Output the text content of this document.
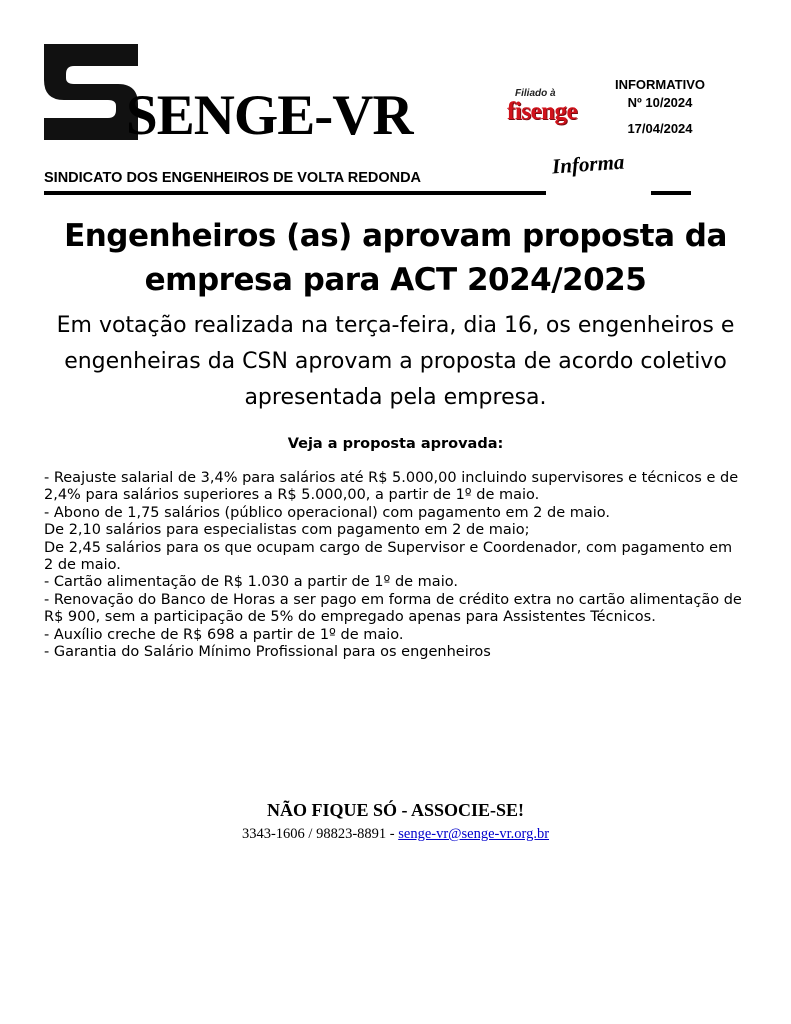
SENGE-VR	Filiado à
fisenge
INFORMATIVO
Nº 10/2024
17/04/2024
Informa
SINDICATO DOS ENGENHEIROS DE VOLTA REDONDA
Engenheiros (as) aprovam proposta da
empresa para ACT 2024/2025
Em votação realizada na terça-feira, dia 16, os engenheiros e engenheiras da CSN aprovam a proposta de acordo coletivo apresentada pela empresa.
Veja a proposta aprovada:
- Reajuste salarial de 3,4% para salários até R$ 5.000,00 incluindo supervisores e técnicos e de 2,4% para salários superiores a R$ 5.000,00, a partir de 1º de maio.
- Abono de 1,75 salários (público operacional) com pagamento em 2 de maio.
De 2,10 salários para especialistas com pagamento em 2 de maio;
De 2,45 salários para os que ocupam cargo de Supervisor e Coordenador, com pagamento em 2 de maio.
- Cartão alimentação de R$ 1.030 a partir de 1º de maio.
- Renovação do Banco de Horas a ser pago em forma de crédito extra no cartão alimentação de R$ 900, sem a participação de 5% do empregado apenas para Assistentes Técnicos.
- Auxílio creche de R$ 698 a partir de 1º de maio.
- Garantia do Salário Mínimo Profissional para os engenheiros
NÃO FIQUE SÓ - ASSOCIE-SE!
3343-1606 / 98823-8891 - senge-vr@senge-vr.org.br
